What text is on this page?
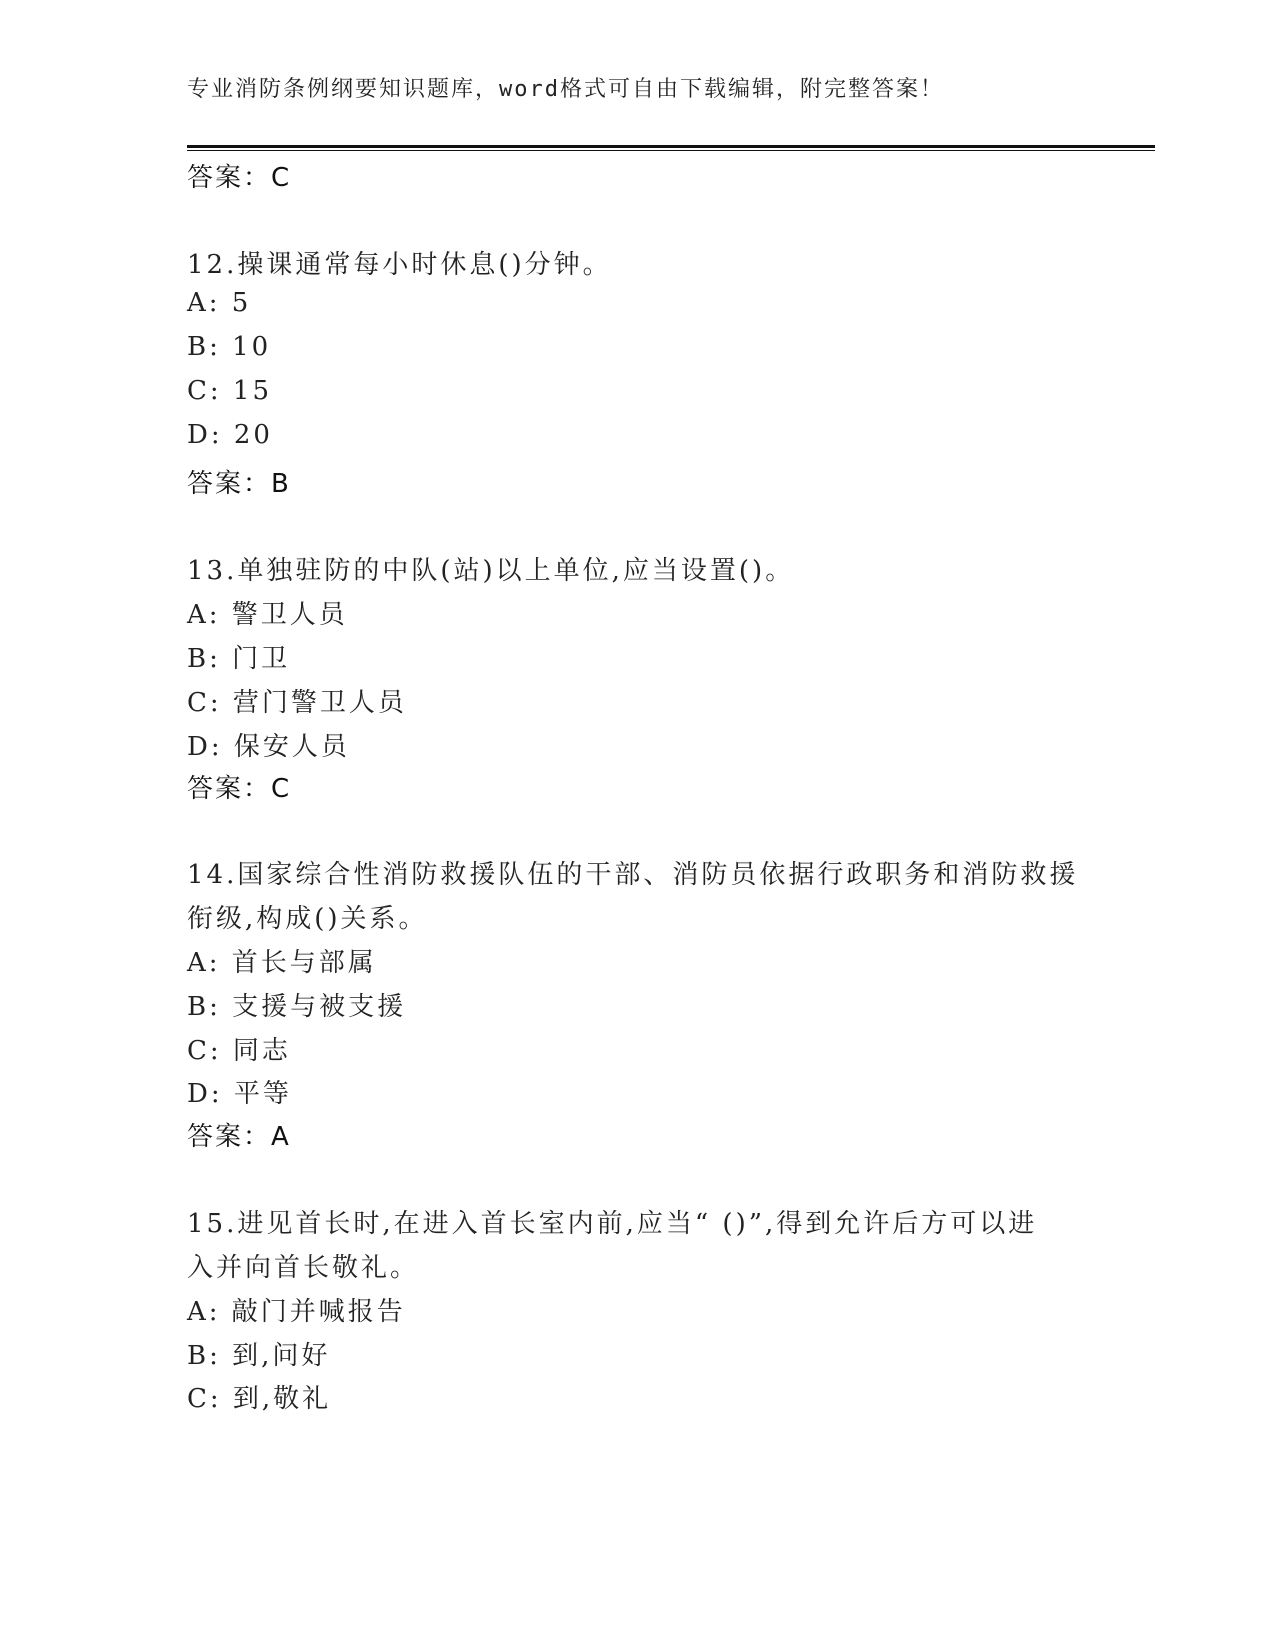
专业消防条例纲要知识题库，word格式可自由下载编辑，附完整答案！
答案：C
12.操课通常每小时休息()分钟。
A: 5
B: 10
C: 15
D: 20
答案：B
13.单独驻防的中队(站)以上单位,应当设置()。
A: 警卫人员
B: 门卫
C: 营门警卫人员
D: 保安人员
答案：C
14.国家综合性消防救援队伍的干部、消防员依据行政职务和消防救援
衔级,构成()关系。
A: 首长与部属
B: 支援与被支援
C: 同志
D: 平等
答案：A
15.进见首长时,在进入首长室内前,应当“ ()”,得到允许后方可以进
入并向首长敬礼。
A: 敲门并喊报告
B: 到,问好
C: 到,敬礼
